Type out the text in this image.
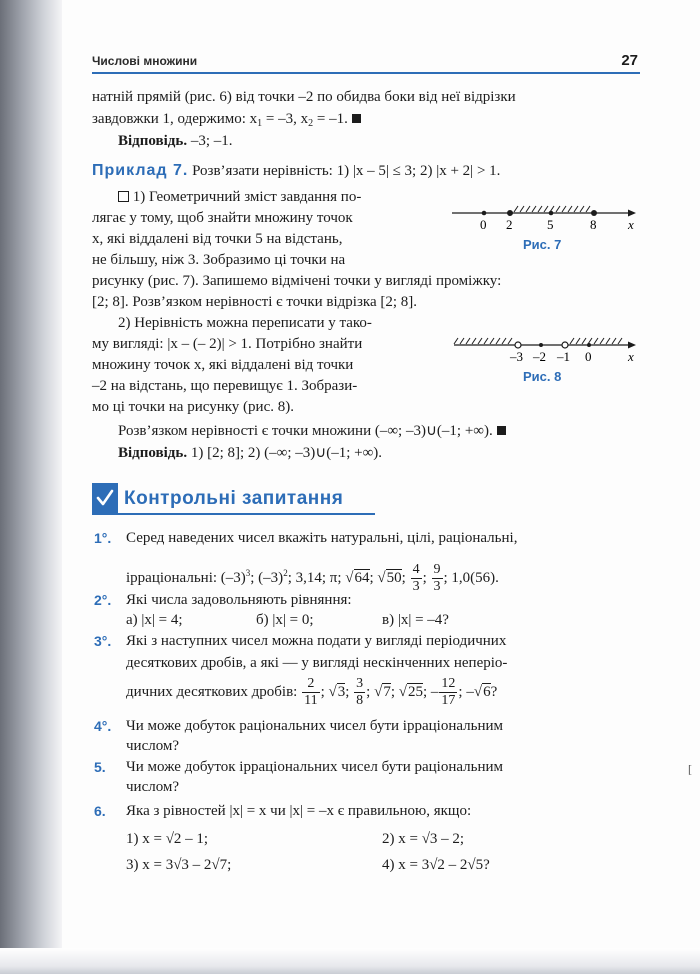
Числові множини	27
натній прямій (рис. 6) від точки –2 по обидва боки від неї відрізки
завдовжки 1, одержимо: $x_1 = -3$, $x_2 = -1$.
Відповідь. –3; –1.
Приклад 7. Розв’язати нерівність: 1) |x – 5| ≤ 3; 2) |x + 2| > 1.
1) Геометричний зміст завдання по-
лягає у тому, щоб знайти множину точок
x, які віддалені від точки 5 на відстань,
не більшу, ніж 3. Зобразимо ці точки на
рисунку (рис. 7). Запишемо відмічені точки у вигляді проміжку:
[2; 8]. Розв’язком нерівності є точки відрізка [2; 8].
0 2	5	8 x
Рис. 7
2) Нерівність можна переписати у тако-
му вигляді: |x – (– 2)| > 1. Потрібно знайти
множину точок x, які віддалені від точки
–2 на відстань, що перевищує 1. Зобрази-
мо ці точки на рисунку (рис. 8).
–3 –2 –1 0	x
Рис. 8
Розв’язком нерівності є точки множини (–∞; –3)∪(–1; +∞).
Відповідь. 1) [2; 8]; 2) (–∞; –3)∪(–1; +∞).
Контрольні запитання
1°. Серед наведених чисел вкажіть натуральні, цілі, раціональні,
ірраціональні: $(-3)^3$; $(-3)^2$; 3,14; π; √64; √50; $\frac{4}{3}$ ; $\frac{9}{3}$ ; 1,0(56).
2°. Які числа задовольняють рівняння:
а) |x| = 4;	б) |x| = 0;	в) |x| = –4?
3°. Які з наступних чисел можна подати у вигляді періодичних
десяткових дробів, а які — у вигляді нескінченних неперіо-
дичних десяткових дробів: $\frac{2}{11}$ ; √3; $\frac{3}{8}$ ; √7; √25; – $\frac{12}{17}$ ; –√6?
4°. Чи може добуток раціональних чисел бути ірраціональним
числом?
5. Чи може добуток ірраціональних чисел бути раціональним
числом?
6. Яка з рівностей |x| = x чи |x| = –x є правильною, якщо:
1) x = √2 – 1;	2) x = √3 – 2;
3) x = 3√3 – 2√7;	4) x = 3√2 – 2√5?
[
